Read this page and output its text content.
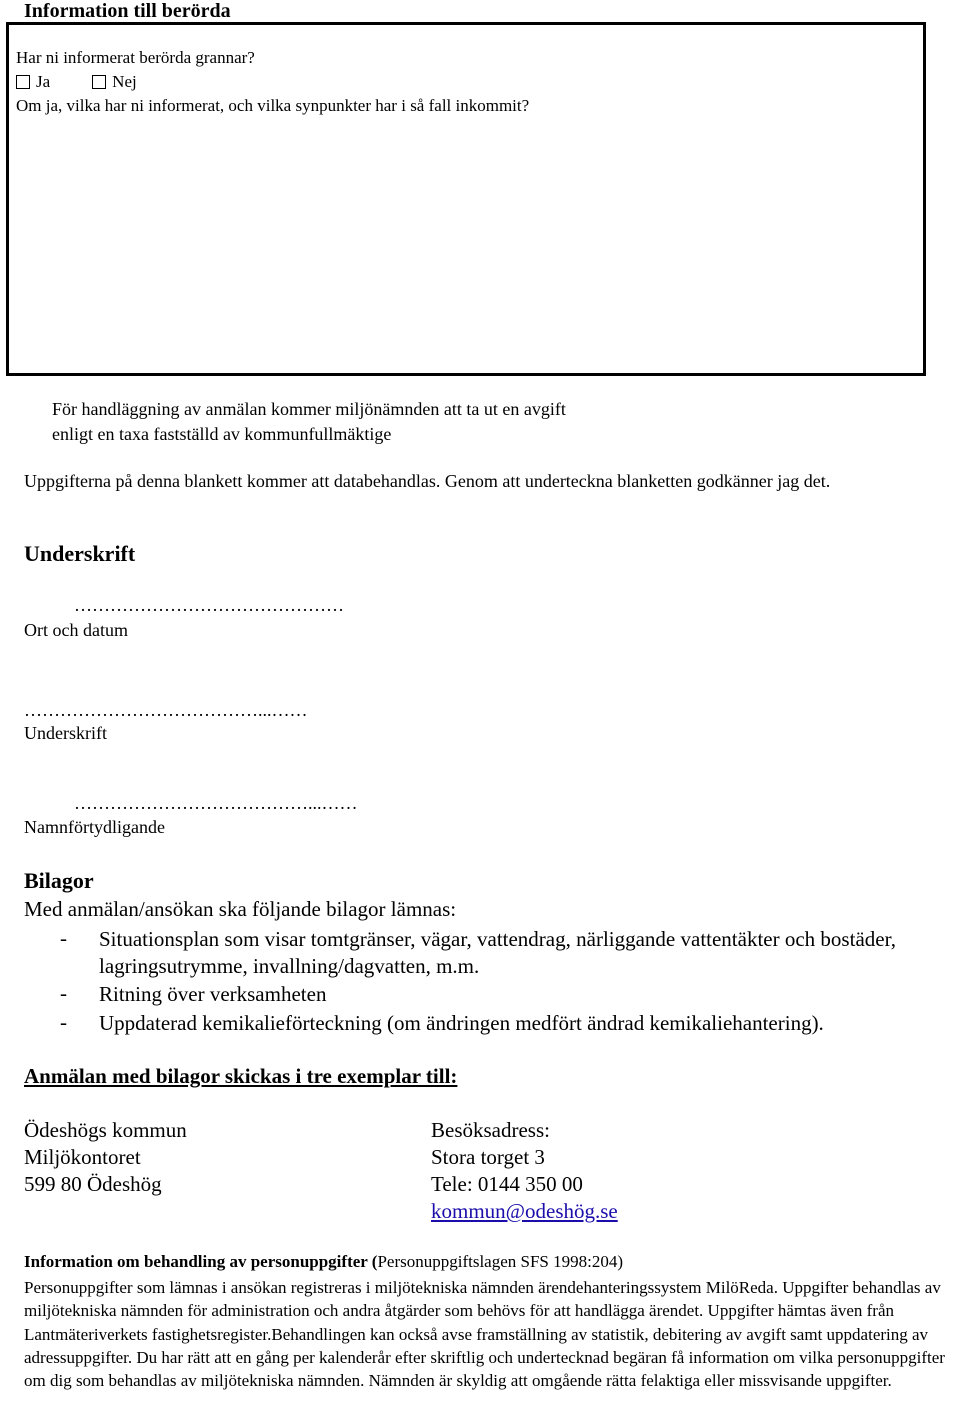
Information till berörda
Har ni informerat berörda grannar?
Ja	Nej
Om ja, vilka har ni informerat, och vilka synpunkter har i så fall inkommit?
För handläggning av anmälan kommer miljönämnden att ta ut en avgift
enligt en taxa fastställd av kommunfullmäktige
Uppgifterna på denna blankett kommer att databehandlas. Genom att underteckna blanketten godkänner jag det.
Underskrift
………………………………………
Ort och datum
…………………………………...……
Underskrift
…………………………………...……
Namnförtydligande
Bilagor
Med anmälan/ansökan ska följande bilagor lämnas:
- Situationsplan som visar tomtgränser, vägar, vattendrag, närliggande vattentäkter och bostäder, lagringsutrymme, invallning/dagvatten, m.m.
- Ritning över verksamheten
- Uppdaterad kemikalieförteckning (om ändringen medfört ändrad kemikaliehantering).
Anmälan med bilagor skickas i tre exemplar till:
Ödeshögs kommun
Miljökontoret
599 80 Ödeshög
Besöksadress:
Stora torget 3
Tele: 0144 350 00
kommun@odeshög.se
Information om behandling av personuppgifter (Personuppgiftslagen SFS 1998:204)
Personuppgifter som lämnas i ansökan registreras i miljötekniska nämnden ärendehanteringssystem MilöReda. Uppgifter behandlas av miljötekniska nämnden för administration och andra åtgärder som behövs för att handlägga ärendet. Uppgifter hämtas även från Lantmäteriverkets fastighetsregister.Behandlingen kan också avse framställning av statistik, debitering av avgift samt uppdatering av adressuppgifter. Du har rätt att en gång per kalenderår efter skriftlig och undertecknad begäran få information om vilka personuppgifter om dig som behandlas av miljötekniska nämnden. Nämnden är skyldig att omgående rätta felaktiga eller missvisande uppgifter.
